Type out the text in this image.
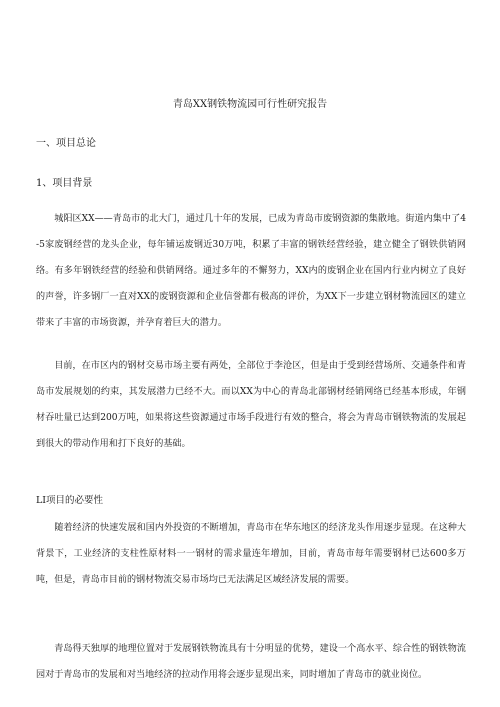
青岛XX钢铁物流园可行性研究报告
一、项目总论
1、项目背景

城阳区XX——青岛市的北大门，通过几十年的发展，已成为青岛市废钢资源的集散地。街道内集中了4-5家废钢经营的龙头企业，每年铺运废钢近30万吨，积累了丰富的钢铁经营经验，建立健全了钢铁供销网络。有多年钢铁经营的经验和供销网络。通过多年的不懈努力，XX内的废钢企业在国内行业内树立了良好的声誉，许多钢厂一直对XX的废钢资源和企业信誉都有极高的评价，为XX下一步建立钢材物流园区的建立带来了丰富的市场资源，并孕育着巨大的潜力。

目前，在市区内的钢材交易市场主要有两处，全部位于李沧区，但是由于受到经营场所、交通条件和青岛市发展规划的约束，其发展潜力已经不大。而以XX为中心的青岛北部钢材经销网络已经基本形成，年钢材吞吐量已达到200万吨，如果将这些资源通过市场手段进行有效的整合，将会为青岛市钢铁物流的发展起到很大的带动作用和打下良好的基础。

LI项目的必要性

随着经济的快速发展和国内外投资的不断增加，青岛市在华东地区的经济龙头作用逐步显现。在这种大背景下，工业经济的支柱性原材料一一钢材的需求量连年增加，目前，青岛市每年需要钢材已达600多万吨，但是，青岛市目前的钢材物流交易市场均已无法满足区域经济发展的需要。

青岛得天独厚的地理位置对于发展钢铁物流具有十分明显的优势，建设一个高水平、综合性的钢铁物流园对于青岛市的发展和对当地经济的拉动作用将会逐步显现出来，同时增加了青岛市的就业岗位。
